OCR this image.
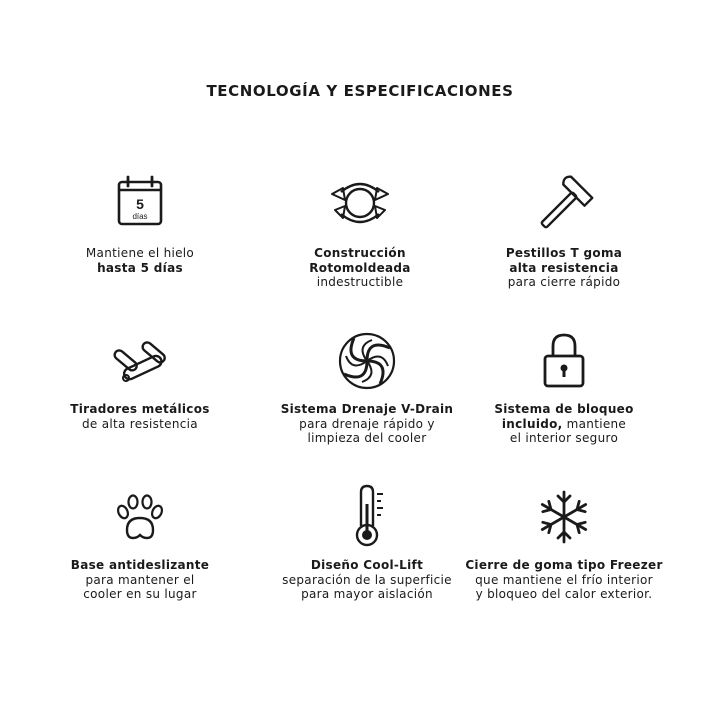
TECNOLOGÍA Y ESPECIFICACIONES
5
días
Mantiene el hielo
hasta 5 días
Construcción
Rotomoldeada
indestructible
Pestillos T goma
alta resistencia
para cierre rápido
Tiradores metálicos
de alta resistencia
Sistema Drenaje V-Drain
para drenaje rápido y
limpieza del cooler
Sistema de bloqueo
incluido, mantiene
el interior seguro
Base antideslizante
para mantener el
cooler en su lugar
Diseño Cool-Lift
separación de la superficie
para mayor aislación
Cierre de goma tipo Freezer
que mantiene el frío interior
y bloqueo del calor exterior.
